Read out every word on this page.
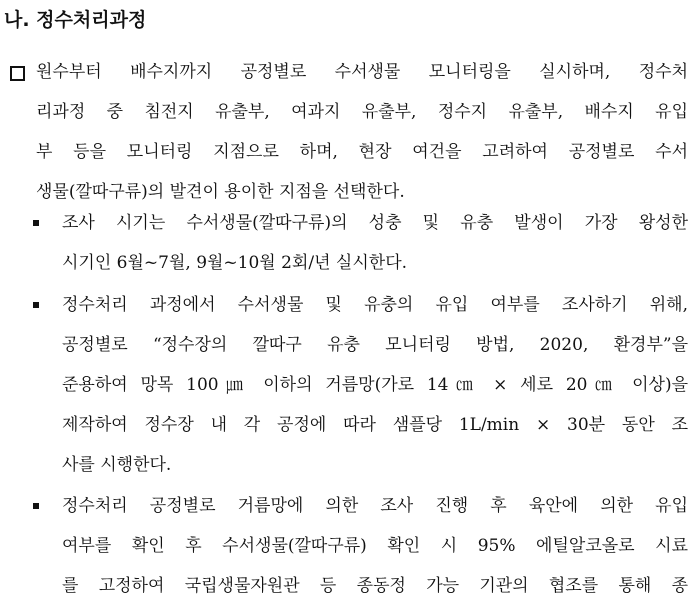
나. 정수처리과정
원수부터 배수지까지 공정별로 수서생물 모니터링을 실시하며, 정수처
리과정 중 침전지 유출부, 여과지 유출부, 정수지 유출부, 배수지 유입
부 등을 모니터링 지점으로 하며, 현장 여건을 고려하여 공정별로 수서
생물(깔따구류)의 발견이 용이한 지점을 선택한다.
조사 시기는 수서생물(깔따구류)의 성충 및 유충 발생이 가장 왕성한
시기인 6월~7월, 9월~10월 2회/년 실시한다.
정수처리 과정에서 수서생물 및 유충의 유입 여부를 조사하기 위해,
공정별로 “정수장의 깔따구 유충 모니터링 방법, 2020, 환경부”을
준용하여 망목 100㎛ 이하의 거름망(가로 14㎝ × 세로 20㎝ 이상)을
제작하여 정수장 내 각 공정에 따라 샘플당 1L/min × 30분 동안 조
사를 시행한다.
정수처리 공정별로 거름망에 의한 조사 진행 후 육안에 의한 유입
여부를 확인 후 수서생물(깔따구류) 확인 시 95% 에틸알코올로 시료
를 고정하여 국립생물자원관 등 종동정 가능 기관의 협조를 통해 종
